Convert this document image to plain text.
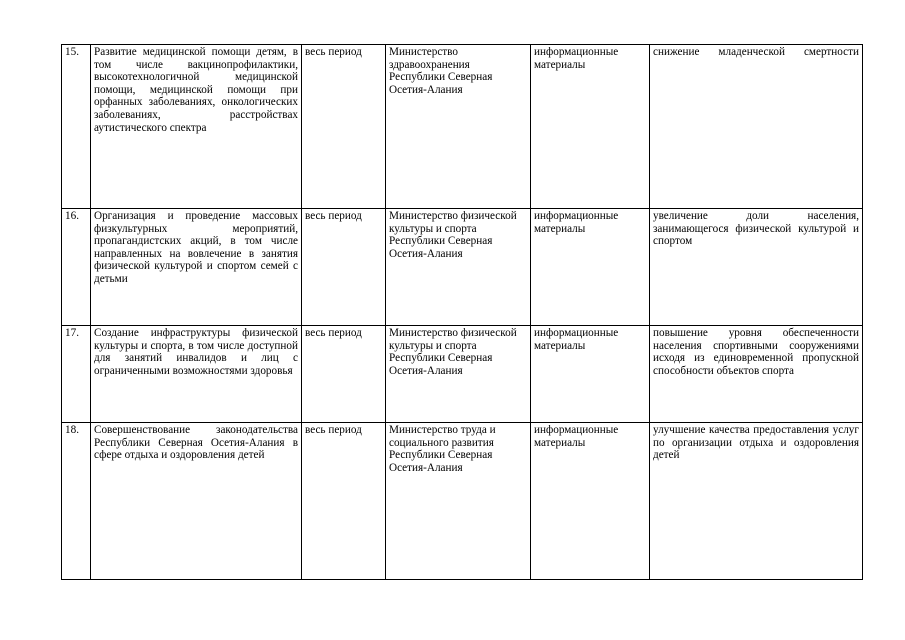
15.	Развитие медицинской помощи детям, в том числе вакцинопрофилактики, высокотехнологичной медицинской помощи, медицинской помощи при орфанных заболеваниях, онкологических заболеваниях, расстройствах аутистического спектра	весь период	Министерство здравоохранения Республики Северная Осетия-Алания	информационные материалы	снижение младенческой смертности
16.	Организация и проведение массовых физкультурных мероприятий, пропагандистских акций, в том числе направленных на вовлечение в занятия физической культурой и спортом семей с детьми	весь период	Министерство физической культуры и спорта Республики Северная Осетия-Алания	информационные материалы	увеличение доли населения, занимающегося физической культурой и спортом
17.	Создание инфраструктуры физической культуры и спорта, в том числе доступной для занятий инвалидов и лиц с ограниченными возможностями здоровья	весь период	Министерство физической культуры и спорта Республики Северная Осетия-Алания	информационные материалы	повышение уровня обеспеченности населения спортивными сооружениями исходя из единовременной пропускной способности объектов спорта
18.	Совершенствование законодательства Республики Северная Осетия-Алания в сфере отдыха и оздоровления детей	весь период	Министерство труда и социального развития Республики Северная Осетия-Алания	информационные материалы	улучшение качества предоставления услуг по организации отдыха и оздоровления детей
